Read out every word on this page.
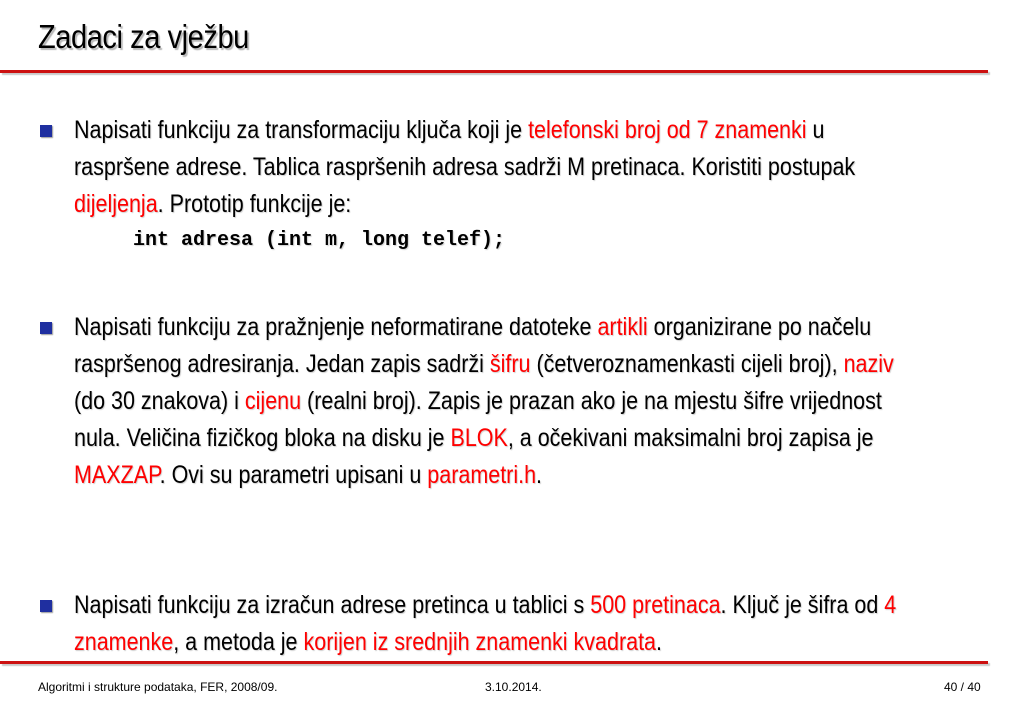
Zadaci za vježbu
Napisati funkciju za transformaciju ključa koji je telefonski broj od 7 znamenki u raspršene adrese. Tablica raspršenih adresa sadrži M pretinaca. Koristiti postupak dijeljenja. Prototip funkcije je:
int adresa (int m, long telef);
Napisati funkciju za pražnjenje neformatirane datoteke artikli organizirane po načelu raspršenog adresiranja. Jedan zapis sadrži šifru (četveroznamenkasti cijeli broj), naziv (do 30 znakova) i cijenu (realni broj). Zapis je prazan ako je na mjestu šifre vrijednost nula. Veličina fizičkog bloka na disku je BLOK, a očekivani maksimalni broj zapisa je MAXZAP. Ovi su parametri upisani u parametri.h.
Napisati funkciju za izračun adrese pretinca u tablici s 500 pretinaca. Ključ je šifra od 4 znamenke, a metoda je korijen iz srednjih znamenki kvadrata.
Algoritmi i strukture podataka, FER, 2008/09.	3.10.2014.	40 / 40
